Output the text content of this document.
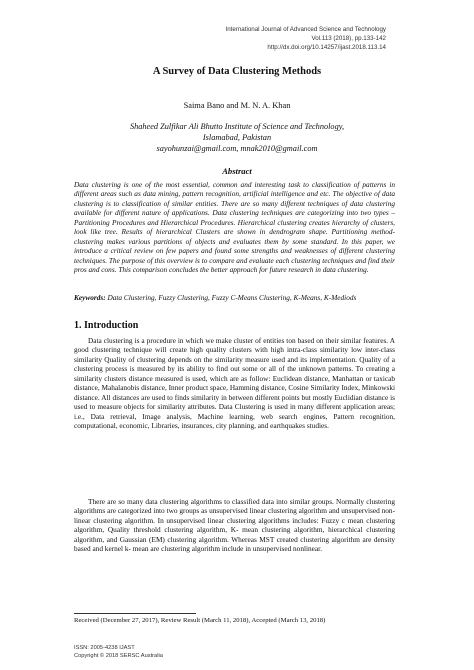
International Journal of Advanced Science and Technology
Vol.113 (2018), pp.133-142
http://dx.doi.org/10.14257/ijast.2018.113.14
A Survey of Data Clustering Methods
Saima Bano and M. N. A. Khan
Shaheed Zulfikar Ali Bhutto Institute of Science and Technology,
Islamabad, Pakistan
sayohunzai@gmail.com, mnak2010@gmail.com
Abstract

Data clustering is one of the most essential, common and interesting task to classification of patterns in different areas such as data mining, pattern recognition, artificial intelligence and etc. The objective of data clustering is to classification of similar entities. There are so many different techniques of data clustering available for different nature of applications. Data clustering techniques are categorizing into two types – Partitioning Procedures and Hierarchical Procedures. Hierarchical clustering creates hierarchy of clusters, look like tree. Results of hierarchical Clusters are shown in dendrogram shape. Partitioning method-clustering makes various partitions of objects and evaluates them by some standard. In this paper, we introduce a critical review on few papers and found some strengths and weaknesses of different clustering techniques. The purpose of this overview is to compare and evaluate each clustering techniques and find their pros and cons. This comparison concludes the better approach for future research in data clustering.

Keywords: Data Clustering, Fuzzy Clustering, Fuzzy C-Means Clustering, K-Means, K-Mediods

1. Introduction

Data clustering is a procedure in which we make cluster of entities ton based on their similar features. A good clustering technique will create high quality clusters with high intra-class similarity low inter-class similarity Quality of clustering depends on the similarity measure used and its implementation. Quality of a clustering process is measured by its ability to find out some or all of the unknown patterns. To creating a similarity clusters distance measured is used, which are as follow: Euclidean distance, Manhattan or taxicab distance, Mahalanobis distance, Inner product space, Hamming distance, Cosine Similarity Index, Minkowski distance. All distances are used to finds similarity in between different points but mostly Euclidian distance is used to measure objects for similarity attributes. Data Clustering is used in many different application areas; i.e., Data retrieval, Image analysis, Machine learning, web search engines, Pattern recognition, computational, economic, Libraries, insurances, city planning, and earthquakes studies.

There are so many data clustering algorithms to classified data into similar groups. Normally clustering algorithms are categorized into two groups as unsupervised linear clustering algorithm and unsupervised non-linear clustering algorithm. In unsupervised linear clustering algorithms includes: Fuzzy c mean clustering algorithm, Quality threshold clustering algorithm, K- mean clustering algorithm, hierarchical clustering algorithm, and Gaussian (EM) clustering algorithm. Whereas MST created clustering algorithm are density based and kernel k- mean are clustering algorithm include in unsupervised nonlinear.

Received (December 27, 2017), Review Result (March 11, 2018), Accepted (March 13, 2018)
ISSN: 2005-4238 IJAST
Copyright © 2018 SERSC Australia
